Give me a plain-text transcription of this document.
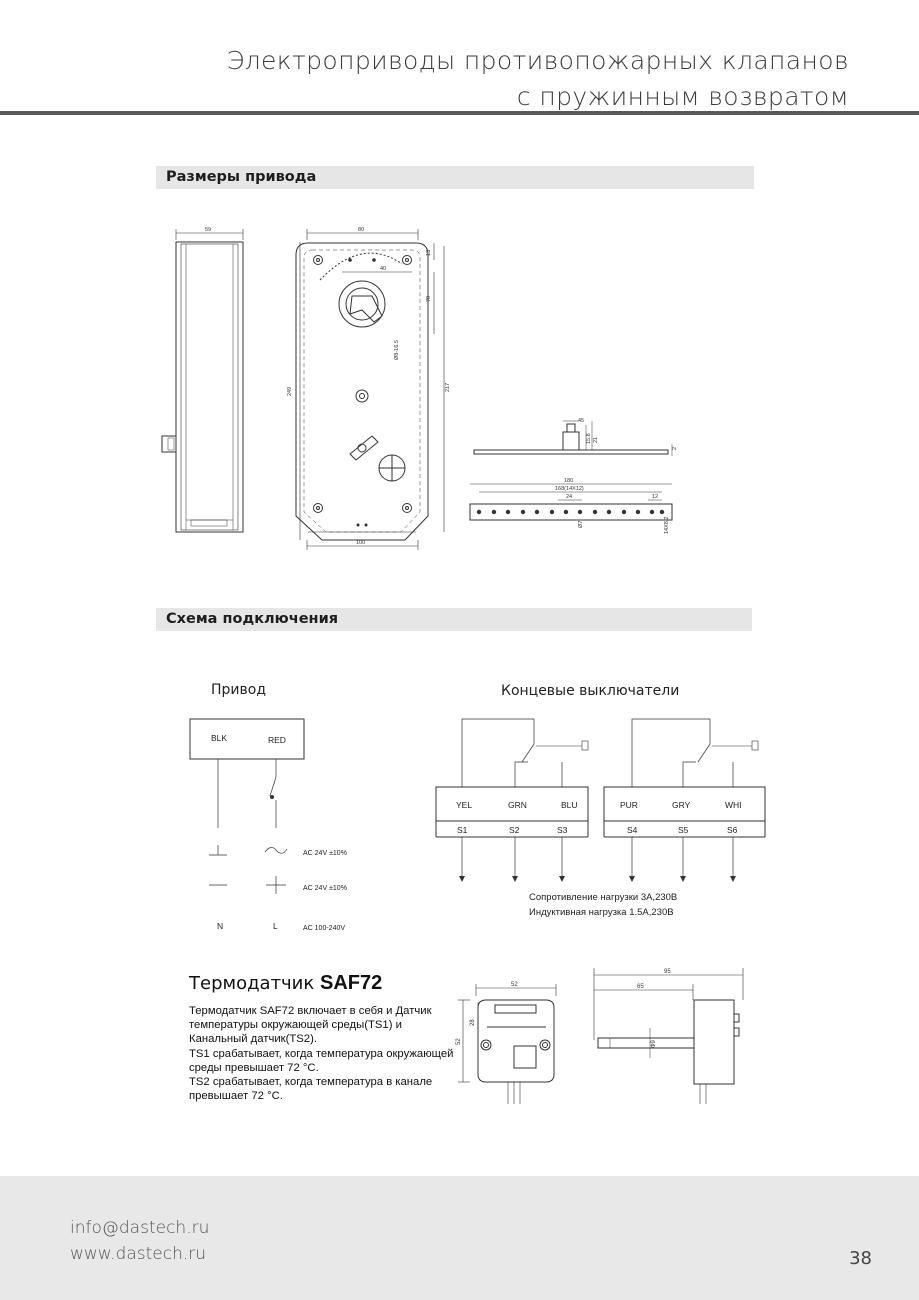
Электроприводы противопожарных клапанов
с пружинным возвратом
Размеры привода
59	80
100
40
249	217
13
70
Ø8-16.5
45
21
15.8
2
180
168(14X12)
24	12
Ø7	14X8.2
Схема подключения
Привод	Концевые выключатели
BLK	RED
AC 24V ±10%
AC 24V ±10%
N	L	AC 100-240V
YEL	GRN	BLU
S1	S2	S3
PUR	GRY	WHI
S4	S5	S6
Сопротивление нагрузки 3А,230В
Индуктивная нагрузка 1.5А,230В
Термодатчик SAF72

Термодатчик SAF72 включает в себя и Датчик

температуры окружающей среды(TS1) и

Канальный датчик(TS2).

TS1 срабатывает, когда температура окружающей

среды превышает 72 °C.

TS2 срабатывает, когда температура в канале

превышает 72 °C.

52
52
28
95
65
Ф9
info@dastech.ru
www.dastech.ru	38
